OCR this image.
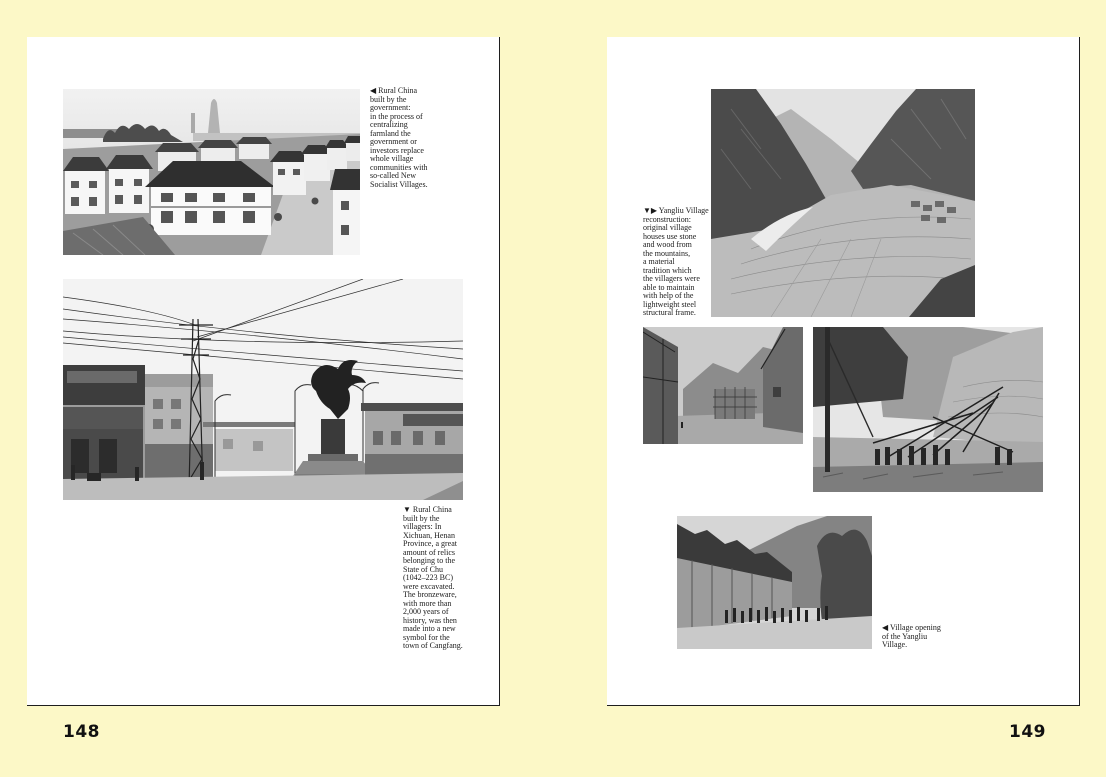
◀ Rural China
built by the
government:
in the process of
centralizing
farmland the
government or
investors replace
whole village
communities with
so-called New
Socialist Villages.

▼ Rural China
built by the
villagers: In
Xichuan, Henan
Province, a great
amount of relics
belonging to the
State of Chu
(1042–223 BC)
were excavated.
The bronzeware,
with more than
2,000 years of
history, was then
made into a new
symbol for the
town of Cangfang.

148

▼▶ Yangliu Village
reconstruction:
original village
houses use stone
and wood from
the mountains,
a material
tradition which
the villagers were
able to maintain
with help of the
lightweight steel
structural frame.

◀ Village opening
of the Yangliu
Village.

149
